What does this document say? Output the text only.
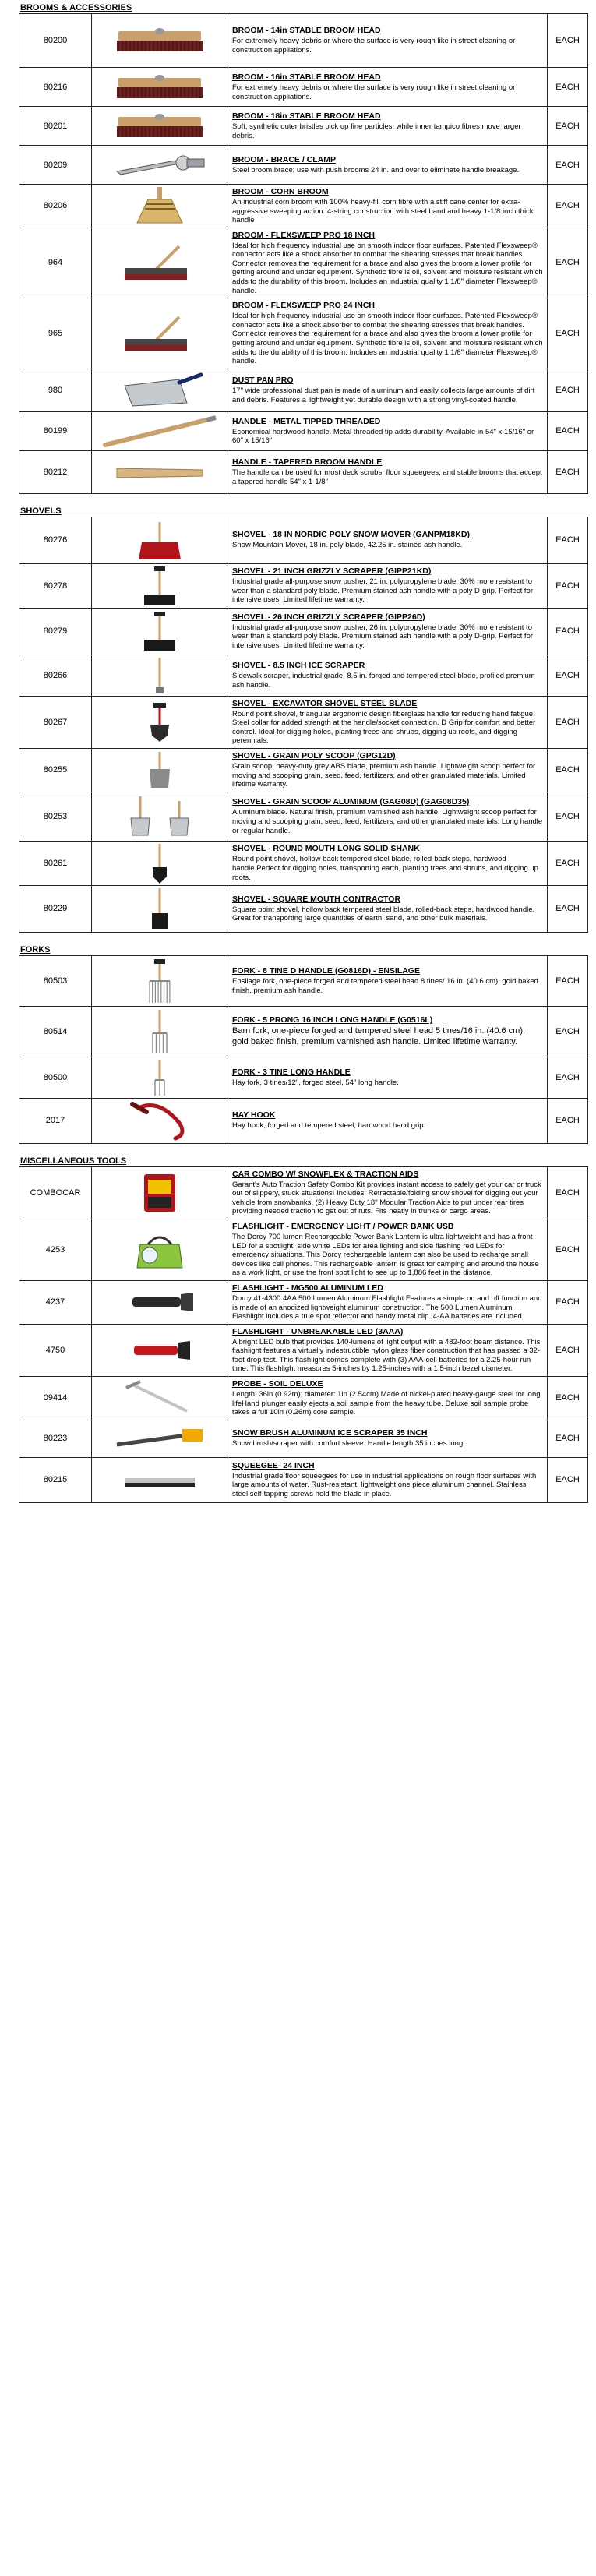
BROOMS & ACCESSORIES
80200		BROOM - 14in STABLE BROOM HEAD
For extremely heavy debris or where the surface is very rough like in street cleaning or construction appliations.	EACH
80216		BROOM - 16in STABLE BROOM HEAD
For extremely heavy debris or where the surface is very rough like in street cleaning or construction appliations.	EACH
80201		BROOM - 18in STABLE BROOM HEAD
Soft, synthetic outer bristles pick up fine particles, while inner tampico fibres move larger debris.	EACH
80209		BROOM - BRACE / CLAMP
Steel broom brace; use with push brooms 24 in. and over to eliminate handle breakage.	EACH
80206		BROOM - CORN BROOM
An industrial corn broom with 100% heavy-fill corn fibre with a stiff cane center for extra-aggressive sweeping action. 4-string construction with steel band and heavy 1-1/8 inch thick handle	EACH
964		BROOM - FLEXSWEEP PRO 18 INCH
Ideal for high frequency industrial use on smooth indoor floor surfaces. Patented Flexsweep® connector acts like a shock absorber to combat the shearing stresses that break handles. Connector removes the requirement for a brace and also gives the broom a lower profile for getting around and under equipment. Synthetic fibre is oil, solvent and moisture resistant which adds to the durability of this broom. Includes an industrial quality 1 1/8" diameter Flexsweep® handle.	EACH
965		BROOM - FLEXSWEEP PRO 24 INCH
Ideal for high frequency industrial use on smooth indoor floor surfaces. Patented Flexsweep® connector acts like a shock absorber to combat the shearing stresses that break handles. Connector removes the requirement for a brace and also gives the broom a lower profile for getting around and under equipment. Synthetic fibre is oil, solvent and moisture resistant which adds to the durability of this broom. Includes an industrial quality 1 1/8" diameter Flexsweep® handle.	EACH
980		DUST PAN PRO
17" wide professional dust pan is made of aluminum and easily collects large amounts of dirt and debris. Features a lightweight yet durable design with a strong vinyl-coated handle.	EACH
80199		HANDLE - METAL TIPPED THREADED
Economical hardwood handle. Metal threaded tip adds durability. Available in 54" x 15/16" or 60" x 15/16"	EACH
80212		HANDLE - TAPERED BROOM HANDLE
The handle can be used for most deck scrubs, floor squeegees, and stable brooms that accept a tapered handle 54" x 1-1/8"	EACH
SHOVELS
80276		SHOVEL - 18 IN NORDIC POLY SNOW MOVER (GANPM18KD)
Snow Mountain Mover, 18 in. poly blade, 42.25 in. stained ash handle.	EACH
80278		SHOVEL - 21 INCH GRIZZLY SCRAPER (GIPP21KD)
Industrial grade all-purpose snow pusher, 21 in. polypropylene blade. 30% more resistant to wear than a standard poly blade. Premium stained ash handle with a poly D-grip. Perfect for intensive uses. Limited lifetime warranty.	EACH
80279		SHOVEL - 26 INCH GRIZZLY SCRAPER (GIPP26D)
Industrial grade all-purpose snow pusher, 26 in. polypropylene blade. 30% more resistant to wear than a standard poly blade. Premium stained ash handle with a poly D-grip. Perfect for intensive uses. Limited lifetime warranty.	EACH
80266		SHOVEL - 8.5 INCH ICE SCRAPER
Sidewalk scraper, industrial grade, 8.5 in. forged and tempered steel blade, profiled premium ash handle.	EACH
80267		SHOVEL - EXCAVATOR SHOVEL STEEL BLADE
Round point shovel, triangular ergonomic design fiberglass handle for reducing hand fatigue. Steel collar for added strength at the handle/socket connection. D Grip for comfort and better control. Ideal for digging holes, planting trees and shrubs, digging up roots, and digging perennials.	EACH
80255		SHOVEL - GRAIN POLY SCOOP (GPG12D)
Grain scoop, heavy-duty grey ABS blade, premium ash handle. Lightweight scoop perfect for moving and scooping grain, seed, feed, fertilizers, and other granulated materials. Limited lifetime warranty.	EACH
80253		SHOVEL - GRAIN SCOOP ALUMINUM (GAG08D) (GAG08D35)
Aluminum blade. Natural finish, premium varnished ash handle. Lightweight scoop perfect for moving and scooping grain, seed, feed, fertilizers, and other granulated materials. Long handle or regular handle.	EACH
80261		SHOVEL - ROUND MOUTH LONG SOLID SHANK
Round point shovel, hollow back tempered steel blade, rolled-back steps, hardwood handle.Perfect for digging holes, transporting earth, planting trees and shrubs, and digging up roots.	EACH
80229		SHOVEL - SQUARE MOUTH CONTRACTOR
Square point shovel, hollow back tempered steel blade, rolled-back steps, hardwood handle. Great for transporting large quantities of earth, sand, and other bulk materials.	EACH
FORKS
80503		FORK - 8 TINE D HANDLE (G0816D) - ENSILAGE
Ensilage fork, one-piece forged and tempered steel head 8 tines/ 16 in. (40.6 cm), gold baked finish, premium ash handle.	EACH
80514		FORK - 5 PRONG 16 INCH LONG HANDLE (G0516L)
Barn fork, one-piece forged and tempered steel head 5 tines/16 in. (40.6 cm), gold baked finish, premium varnished ash handle. Limited lifetime warranty.	EACH
80500		FORK - 3 TINE LONG HANDLE
Hay fork, 3 tines/12", forged steel, 54" long handle.	EACH
2017		HAY HOOK
Hay hook, forged and tempered steel, hardwood hand grip.	EACH
MISCELLANEOUS TOOLS
COMBOCAR		CAR COMBO W/ SNOWFLEX & TRACTION AIDS
Garant's Auto Traction Safety Combo Kit provides instant access to safely get your car or truck out of slippery, stuck situations! Includes: Retractable/folding snow shovel for digging out your vehicle from snowbanks. (2) Heavy Duty 18" Modular Traction Aids to put under rear tires providing needed traction to get out of ruts. Fits neatly in trunks or cargo areas.	EACH
4253		FLASHLIGHT - EMERGENCY LIGHT / POWER BANK USB
The Dorcy 700 lumen Rechargeable Power Bank Lantern is ultra lightweight and has a front LED for a spotlight; side white LEDs for area lighting and side flashing red LEDs for emergency situations. This Dorcy rechargeable lantern can also be used to recharge small devices like cell phones. This rechargeable lantern is great for camping and around the house as a work light, or use the front spot light to see up to 1,886 feet in the distance.	EACH
4237		FLASHLIGHT - MG500 ALUMINUM LED
Dorcy 41-4300 4AA 500 Lumen Aluminum Flashlight Features a simple on and off function and is made of an anodized lightweight aluminum construction. The 500 Lumen Aluminum Flashlight includes a true spot reflector and handy metal clip. 4-AA batteries are included.	EACH
4750		FLASHLIGHT - UNBREAKABLE LED (3AAA)
A bright LED bulb that provides 140-lumens of light output with a 482-foot beam distance. This flashlight features a virtually indestructible nylon glass fiber construction that has passed a 32-foot drop test. This flashlight comes complete with (3) AAA-cell batteries for a 2.25-hour run time. This flashlight measures 5-inches by 1.25-inches with a 1.5-inch bezel diameter.	EACH
09414		PROBE - SOIL DELUXE
Length: 36in (0.92m); diameter: 1in (2.54cm) Made of nickel-plated heavy-gauge steel for long lifeHand plunger easily ejects a soil sample from the heavy tube. Deluxe soil sample probe takes a full 10in (0.26m) core sample.	EACH
80223		SNOW BRUSH ALUMINUM ICE SCRAPER 35 INCH
Snow brush/scraper with comfort sleeve. Handle length 35 inches long.	EACH
80215		SQUEEGEE- 24 INCH
Industrial grade floor squeegees for use in industrial applications on rough floor surfaces with large amounts of water. Rust-resistant, lightweight one piece aluminum channel. Stainless steel self-tapping screws hold the blade in place.	EACH
